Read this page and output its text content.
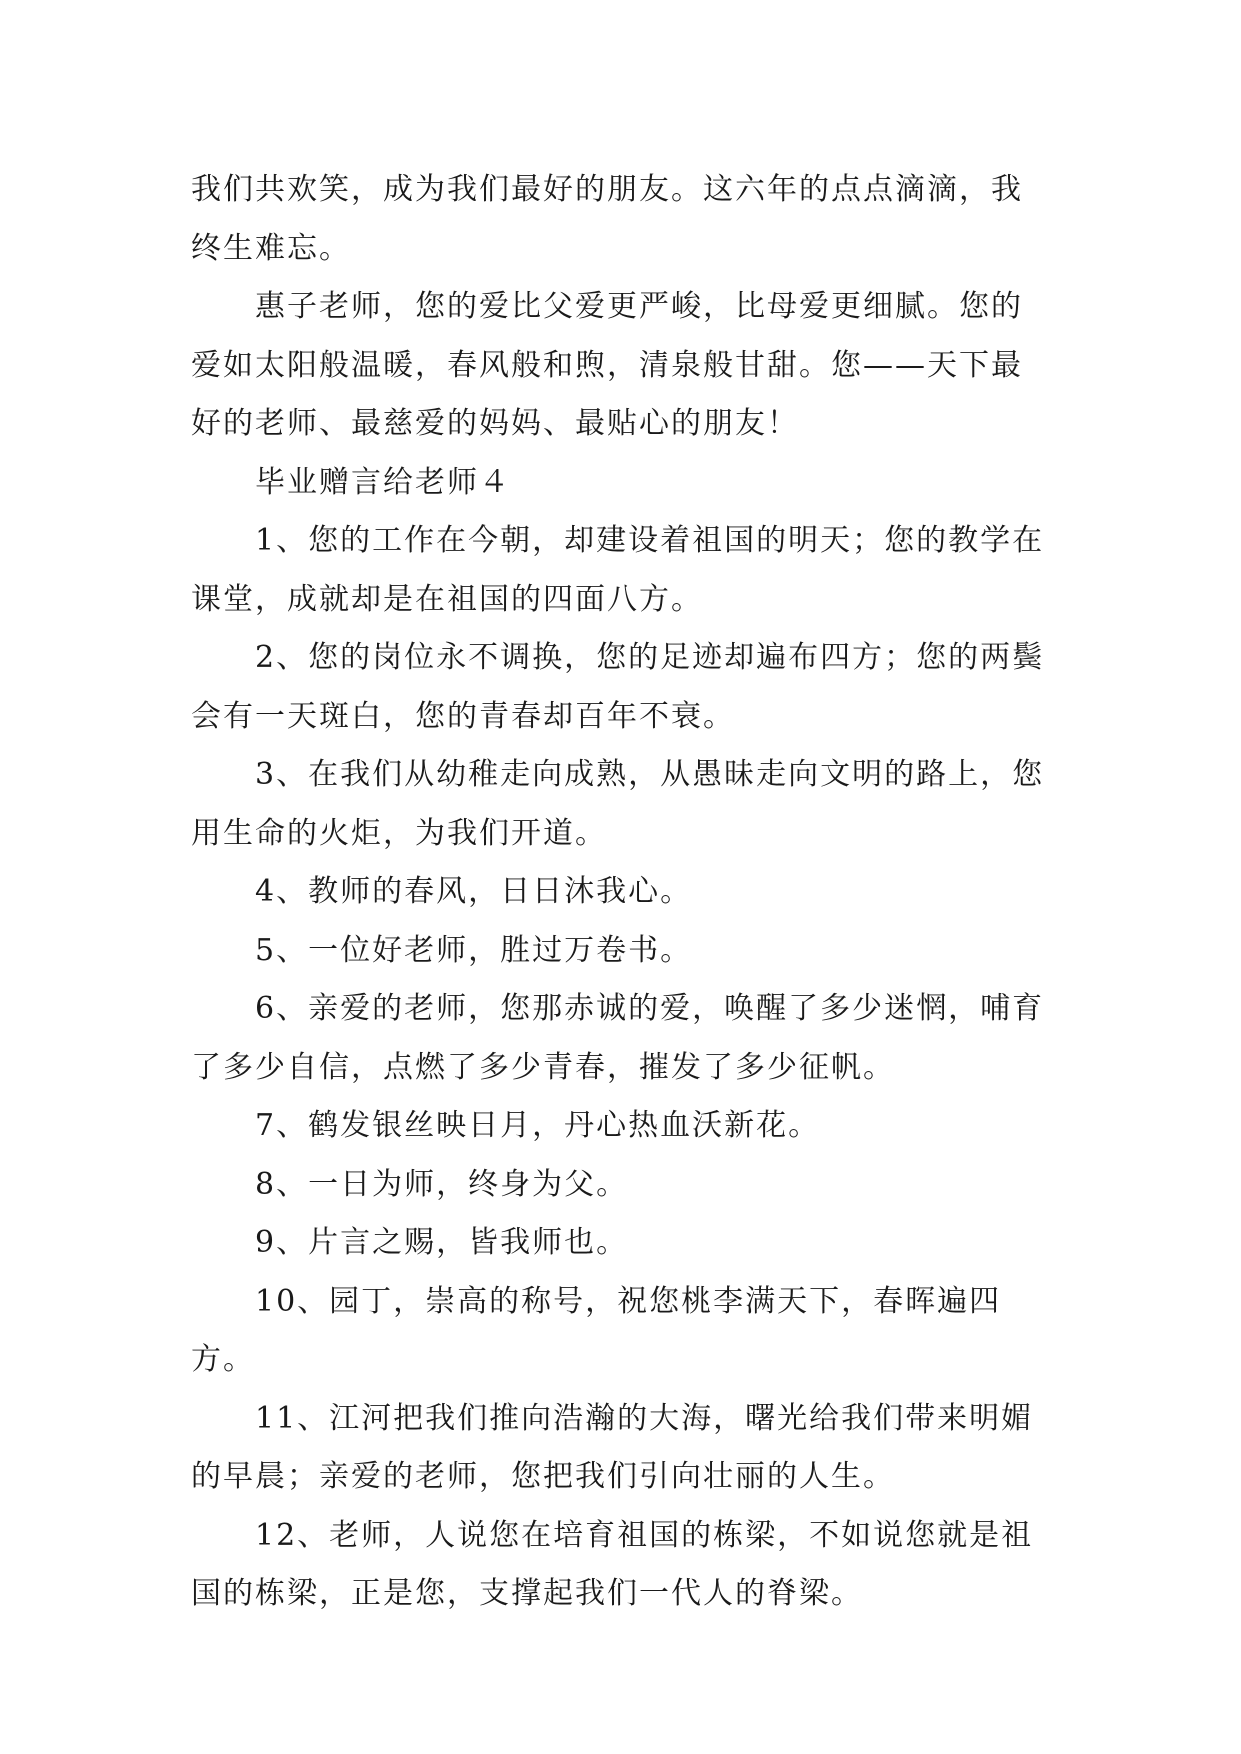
我们共欢笑，成为我们最好的朋友。这六年的点点滴滴，我终生难忘。

惠子老师，您的爱比父爱更严峻，比母爱更细腻。您的爱如太阳般温暖，春风般和煦，清泉般甘甜。您——天下最好的老师、最慈爱的妈妈、最贴心的朋友！

毕业赠言给老师４

1、您的工作在今朝，却建设着祖国的明天；您的教学在课堂，成就却是在祖国的四面八方。

2、您的岗位永不调换，您的足迹却遍布四方；您的两鬓会有一天斑白，您的青春却百年不衰。

3、在我们从幼稚走向成熟，从愚昧走向文明的路上，您用生命的火炬，为我们开道。

4、教师的春风，日日沐我心。

5、一位好老师，胜过万卷书。

6、亲爱的老师，您那赤诚的爱，唤醒了多少迷惘，哺育了多少自信，点燃了多少青春，摧发了多少征帆。

7、鹤发银丝映日月，丹心热血沃新花。

8、一日为师，终身为父。

9、片言之赐，皆我师也。

10、园丁，崇高的称号，祝您桃李满天下，春晖遍四方。

11、江河把我们推向浩瀚的大海，曙光给我们带来明媚的早晨；亲爱的老师，您把我们引向壮丽的人生。

12、老师，人说您在培育祖国的栋梁，不如说您就是祖国的栋梁，正是您，支撑起我们一代人的脊梁。
